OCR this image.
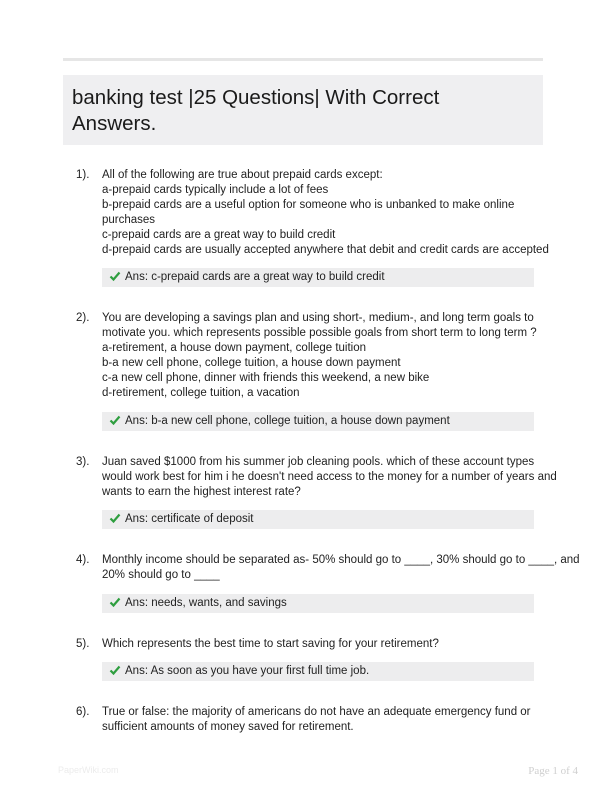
banking test |25 Questions| With Correct
Answers.
1). All of the following are true about prepaid cards except:
a-prepaid cards typically include a lot of fees
b-prepaid cards are a useful option for someone who is unbanked to make online
purchases
c-prepaid cards are a great way to build credit
d-prepaid cards are usually accepted anywhere that debit and credit cards are accepted
Ans: c-prepaid cards are a great way to build credit
2). You are developing a savings plan and using short-, medium-, and long term goals to
motivate you. which represents possible possible goals from short term to long term ?
a-retirement, a house down payment, college tuition
b-a new cell phone, college tuition, a house down payment
c-a new cell phone, dinner with friends this weekend, a new bike
d-retirement, college tuition, a vacation
Ans: b-a new cell phone, college tuition, a house down payment
3). Juan saved $1000 from his summer job cleaning pools. which of these account types
would work best for him i he doesn't need access to the money for a number of years and
wants to earn the highest interest rate?
Ans: certificate of deposit
4). Monthly income should be separated as- 50% should go to ____, 30% should go to ____, and
20% should go to ____
Ans: needs, wants, and savings
5). Which represents the best time to start saving for your retirement?
Ans: As soon as you have your first full time job.
6). True or false: the majority of americans do not have an adequate emergency fund or
sufficient amounts of money saved for retirement.
PaperWiki.com	Page 1 of 4
